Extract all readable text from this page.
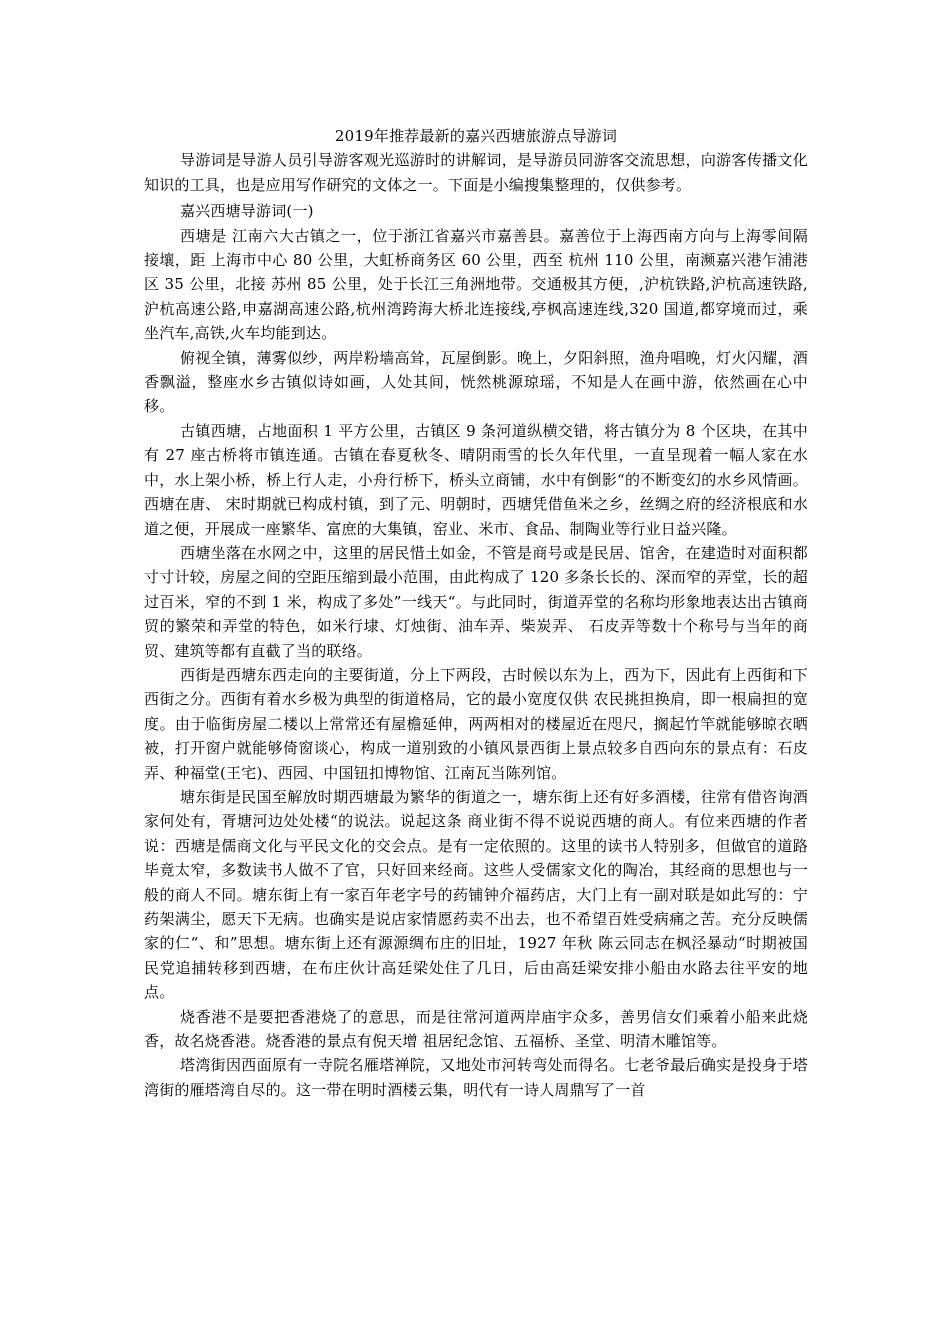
2019年推荐最新的嘉兴西塘旅游点导游词

导游词是导游人员引导游客观光巡游时的讲解词，是导游员同游客交流思想，向游客传播文化知识的工具，也是应用写作研究的文体之一。下面是小编搜集整理的，仅供参考。

嘉兴西塘导游词(一)

西塘是 江南六大古镇之一，位于浙江省嘉兴市嘉善县。嘉善位于上海西南方向与上海零间隔接壤，距 上海市中心 80 公里，大虹桥商务区 60 公里，西至 杭州 110 公里，南濒嘉兴港乍浦港区 35 公里，北接 苏州 85 公里，处于长江三角洲地带。交通极其方便，,沪杭铁路,沪杭高速铁路,沪杭高速公路,申嘉湖高速公路,杭州湾跨海大桥北连接线,亭枫高速连线,320 国道,都穿境而过，乘坐汽车,高铁,火车均能到达。

俯视全镇，薄雾似纱，两岸粉墙高耸，瓦屋倒影。晚上，夕阳斜照，渔舟唱晚，灯火闪耀，酒香飘溢，整座水乡古镇似诗如画，人处其间，恍然桃源琼瑶，不知是人在画中游，依然画在心中移。

古镇西塘，占地面积 1 平方公里，古镇区 9 条河道纵横交错，将古镇分为 8 个区块，在其中有 27 座古桥将市镇连通。古镇在春夏秋冬、晴阴雨雪的长久年代里，一直呈现着一幅人家在水中，水上架小桥，桥上行人走，小舟行桥下，桥头立商铺，水中有倒影“的不断变幻的水乡风情画。 西塘在唐、 宋时期就已构成村镇，到了元、明朝时，西塘凭借鱼米之乡，丝绸之府的经济根底和水道之便，开展成一座繁华、富庶的大集镇，窑业、米市、食品、制陶业等行业日益兴隆。

西塘坐落在水网之中，这里的居民惜土如金，不管是商号或是民居、馆舍，在建造时对面积都寸寸计较，房屋之间的空距压缩到最小范围，由此构成了 120 多条长长的、深而窄的弄堂，长的超过百米，窄的不到 1 米，构成了多处”一线天“。与此同时，街道弄堂的名称均形象地表达出古镇商贸的繁荣和弄堂的特色，如米行埭、灯烛街、油车弄、柴炭弄、 石皮弄等数十个称号与当年的商贸、建筑等都有直截了当的联络。

西街是西塘东西走向的主要街道，分上下两段，古时候以东为上，西为下，因此有上西街和下西街之分。西街有着水乡极为典型的街道格局，它的最小宽度仅供 农民挑担换肩，即一根扁担的宽度。由于临街房屋二楼以上常常还有屋檐延伸，两两相对的楼屋近在咫尺，搁起竹竿就能够晾衣晒被，打开窗户就能够倚窗谈心，构成一道别致的小镇风景西街上景点较多自西向东的景点有：石皮弄、种福堂(王宅)、西园、中国钮扣博物馆、江南瓦当陈列馆。

塘东街是民国至解放时期西塘最为繁华的街道之一，塘东街上还有好多酒楼，往常有借咨询酒家何处有，胥塘河边处处楼“的说法。说起这条 商业街不得不说说西塘的商人。有位来西塘的作者说：西塘是儒商文化与平民文化的交会点。是有一定依照的。这里的读书人特别多，但做官的道路毕竟太窄，多数读书人做不了官，只好回来经商。这些人受儒家文化的陶冶，其经商的思想也与一般的商人不同。塘东街上有一家百年老字号的药铺钟介福药店，大门上有一副对联是如此写的：宁药架满尘，愿天下无病。也确实是说店家情愿药卖不出去，也不希望百姓受病痛之苦。充分反映儒家的仁“、和”思想。塘东街上还有源源绸布庄的旧址，1927 年秋 陈云同志在枫泾暴动“时期被国民党追捕转移到西塘，在布庄伙计高廷梁处住了几日，后由高廷梁安排小船由水路去往平安的地点。

烧香港不是要把香港烧了的意思，而是往常河道两岸庙宇众多，善男信女们乘着小船来此烧香，故名烧香港。烧香港的景点有倪天增 祖居纪念馆、五福桥、圣堂、明清木雕馆等。

塔湾街因西面原有一寺院名雁塔禅院，又地处市河转弯处而得名。七老爷最后确实是投身于塔湾街的雁塔湾自尽的。这一带在明时酒楼云集，明代有一诗人周鼎写了一首
